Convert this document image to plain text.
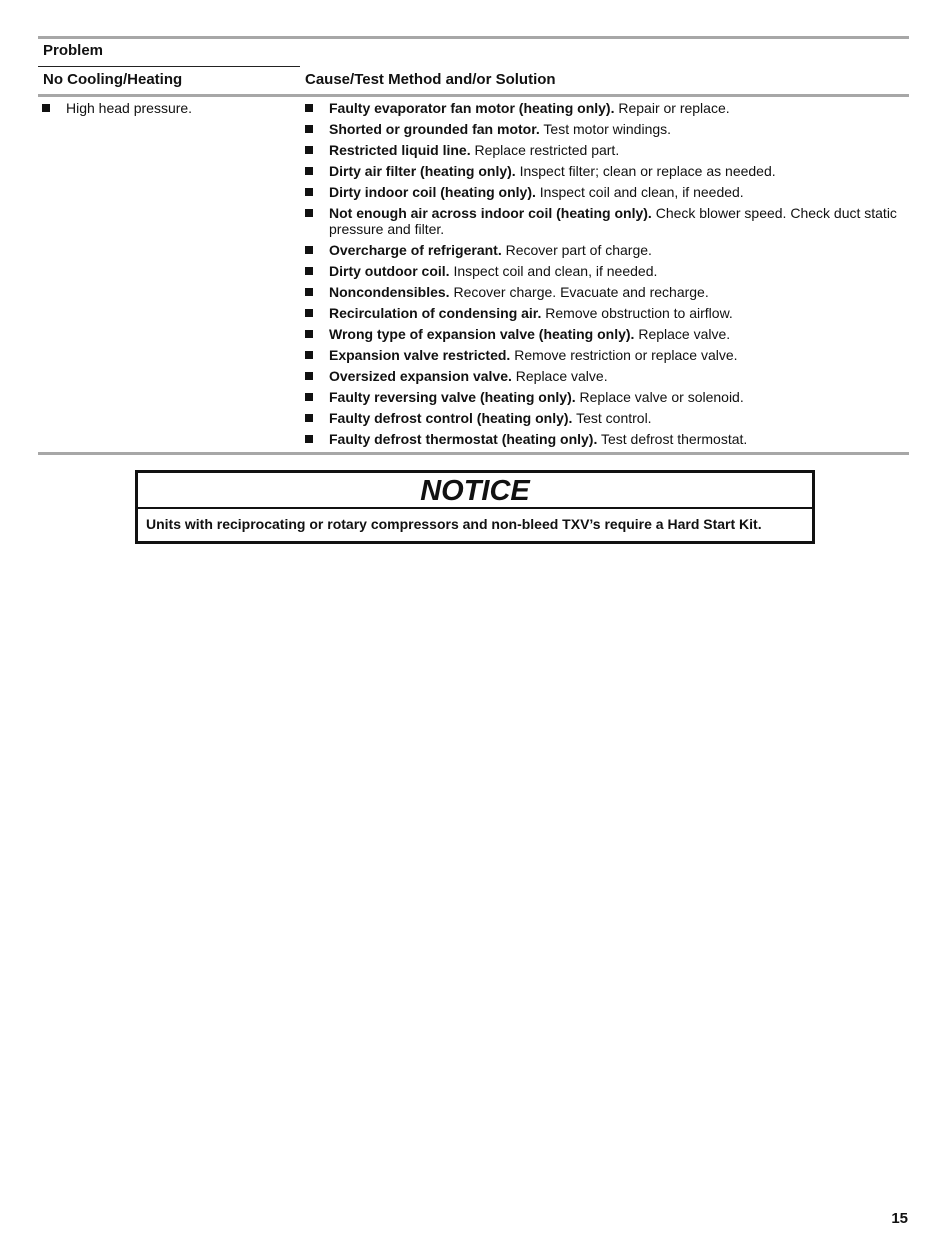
Problem
No Cooling/Heating	Cause/Test Method and/or Solution
High head pressure.	Faulty evaporator fan motor (heating only). Repair or replace.
Shorted or grounded fan motor. Test motor windings.
Restricted liquid line. Replace restricted part.
Dirty air filter (heating only). Inspect filter; clean or replace as needed.
Dirty indoor coil (heating only). Inspect coil and clean, if needed.
Not enough air across indoor coil (heating only). Check blower speed. Check duct static pressure and filter.
Overcharge of refrigerant. Recover part of charge.
Dirty outdoor coil. Inspect coil and clean, if needed.
Noncondensibles. Recover charge. Evacuate and recharge.
Recirculation of condensing air. Remove obstruction to airflow.
Wrong type of expansion valve (heating only). Replace valve.
Expansion valve restricted. Remove restriction or replace valve.
Oversized expansion valve. Replace valve.
Faulty reversing valve (heating only). Replace valve or solenoid.
Faulty defrost control (heating only). Test control.
Faulty defrost thermostat (heating only). Test defrost thermostat.
NOTICE
Units with reciprocating or rotary compressors and non-bleed TXV’s require a Hard Start Kit.
15
